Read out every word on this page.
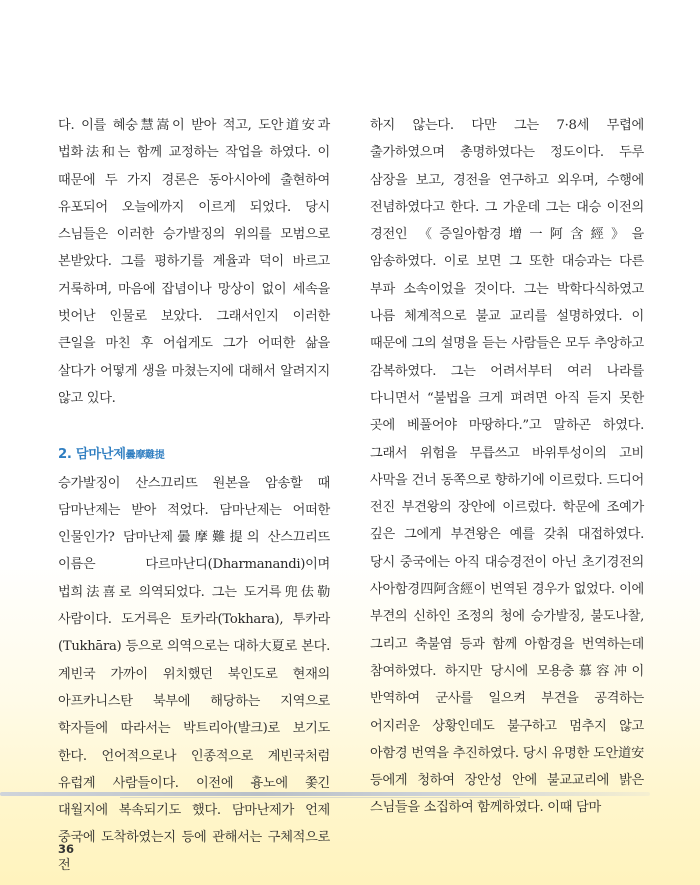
다. 이를 혜숭慧嵩이 받아 적고, 도안道安과 법화法和는 함께 교정하는 작업을 하였다. 이 때문에 두 가지 경론은 동아시아에 출현하여 유포되어 오늘에까지 이르게 되었다. 당시 스님들은 이러한 승가발징의 위의를 모범으로 본받았다. 그를 평하기를 계율과 덕이 바르고 거룩하며, 마음에 잡념이나 망상이 없이 세속을 벗어난 인물로 보았다. 그래서인지 이러한 큰일을 마친 후 어쉽게도 그가 어떠한 삶을 살다가 어떻게 생을 마쳤는지에 대해서 알려지지 않고 있다.

2. 담마난제曇摩難提

승가발징이 산스끄리뜨 원본을 암송할 때 담마난제는 받아 적었다. 담마난제는 어떠한 인물인가? 담마난제曇摩難提의 산스끄리뜨 이름은 다르마난디(Dharmanandi)이며 법희法喜로 의역되었다. 그는 도거륵兜佉勒 사람이다. 도거륵은 토카라(Tokhara), 투카라(Tukhāra) 등으로 의역으로는 대하大夏로 본다. 계빈국 가까이 위치했던 북인도로 현재의 아프카니스탄 북부에 해당하는 지역으로 학자들에 따라서는 박트리아(발크)로 보기도 한다. 언어적으로나 인종적으로 계빈국처럼 유럽계 사람들이다. 이전에 흉노에 쫓긴 대월지에 복속되기도 했다. 담마난제가 언제 중국에 도착하였는지 등에 관해서는 구체적으로 전

하지 않는다. 다만 그는 7·8세 무렵에 출가하였으며 총명하였다는 정도이다. 두루 삼장을 보고, 경전을 연구하고 외우며, 수행에 전념하였다고 한다. 그 가운데 그는 대승 이전의 경전인 《증일아함경增一阿含經》을 암송하였다. 이로 보면 그 또한 대승과는 다른 부파 소속이었을 것이다. 그는 박학다식하였고 나름 체계적으로 불교 교리를 설명하였다. 이 때문에 그의 설명을 듣는 사람들은 모두 추앙하고 감복하였다. 그는 어려서부터 여러 나라를 다니면서 “불법을 크게 펴려면 아직 듣지 못한 곳에 베풀어야 마땅하다.”고 말하곤 하였다. 그래서 위험을 무릅쓰고 바위투성이의 고비 사막을 건너 동쪽으로 향하기에 이르렀다. 드디어 전진 부견왕의 장안에 이르렀다. 학문에 조예가 깊은 그에게 부견왕은 예를 갖춰 대접하였다. 당시 중국에는 아직 대승경전이 아닌 초기경전의 사아함경四阿含經이 번역된 경우가 없었다. 이에 부견의 신하인 조정의 청에 승가발징, 불도나찰, 그리고 축불염 등과 함께 아함경을 번역하는데 참여하였다. 하지만 당시에 모용충慕容冲이 반역하여 군사를 일으켜 부견을 공격하는 어지러운 상황인데도 불구하고 멈추지 않고 아함경 번역을 추진하였다. 당시 유명한 도안道安 등에게 청하여 장안성 안에 불교교리에 밝은 스님들을 소집하여 함께하였다. 이때 담마

36
